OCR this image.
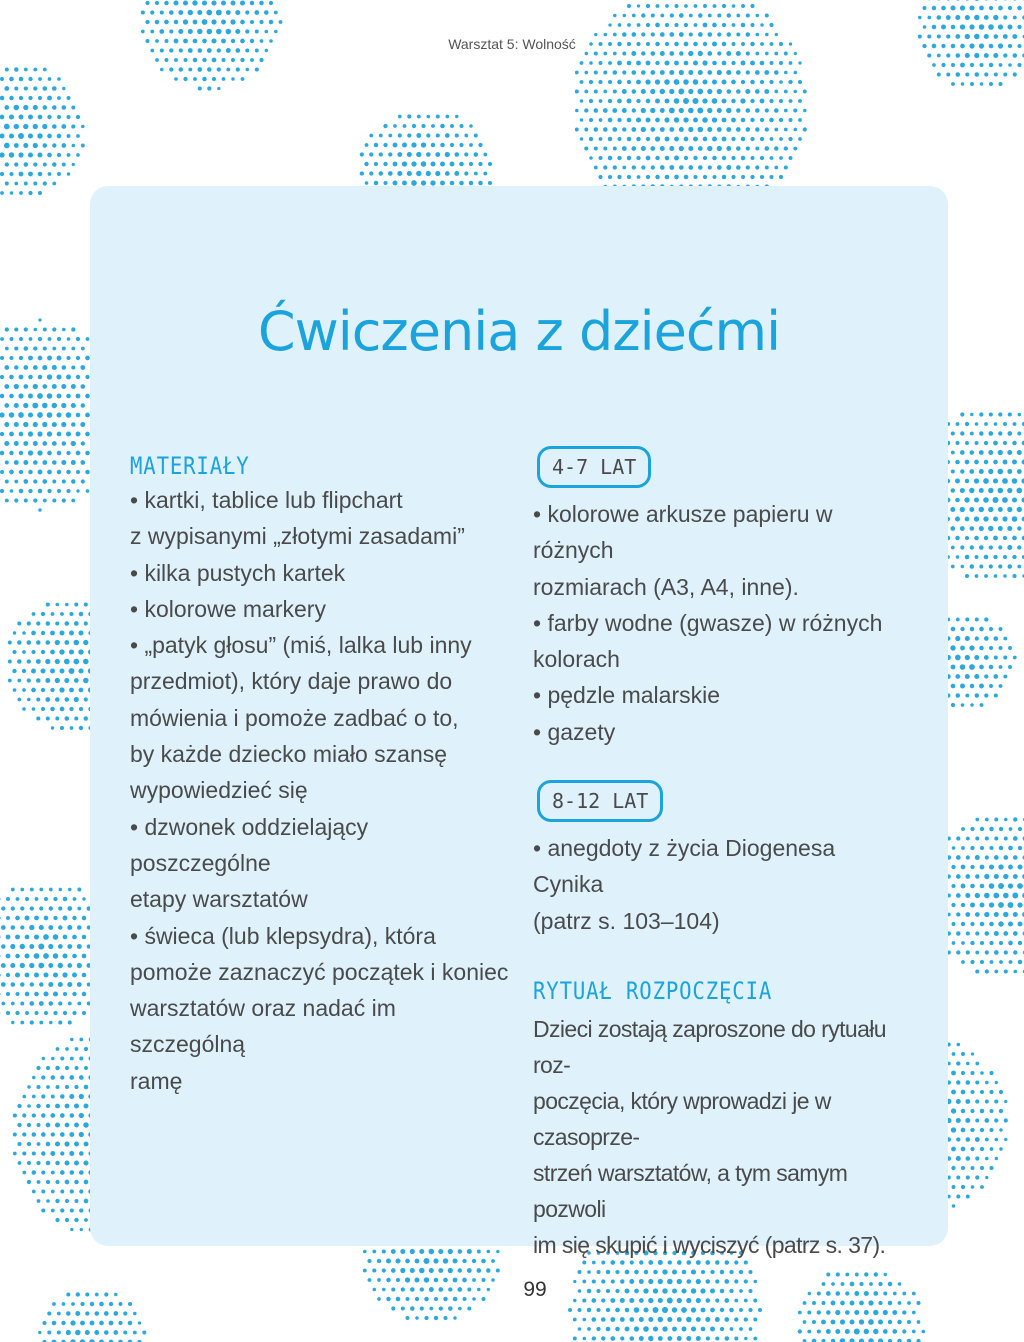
Warsztat 5: Wolność
Ćwiczenia z dziećmi
MATERIAŁY
• kartki, tablice lub flipchart
z wypisanymi „złotymi zasadami”
• kilka pustych kartek
• kolorowe markery
• „patyk głosu” (miś, lalka lub inny
przedmiot), który daje prawo do
mówienia i pomoże zadbać o to,
by każde dziecko miało szansę
wypowiedzieć się
• dzwonek oddzielający poszczególne
etapy warsztatów
• świeca (lub klepsydra), która
pomoże zaznaczyć początek i koniec
warsztatów oraz nadać im szczególną
ramę
4-7 LAT
• kolorowe arkusze papieru w różnych
rozmiarach (A3, A4, inne).
• farby wodne (gwasze) w różnych
kolorach
• pędzle malarskie
• gazety
8-12 LAT
• anegdoty z życia Diogenesa Cynika
(patrz s. 103–104)
RYTUAŁ ROZPOCZĘCIA
Dzieci zostają zaproszone do rytuału roz-
poczęcia, który wprowadzi je w czasoprze-
strzeń warsztatów, a tym samym pozwoli
im się skupić i wyciszyć (patrz s. 37).
99
